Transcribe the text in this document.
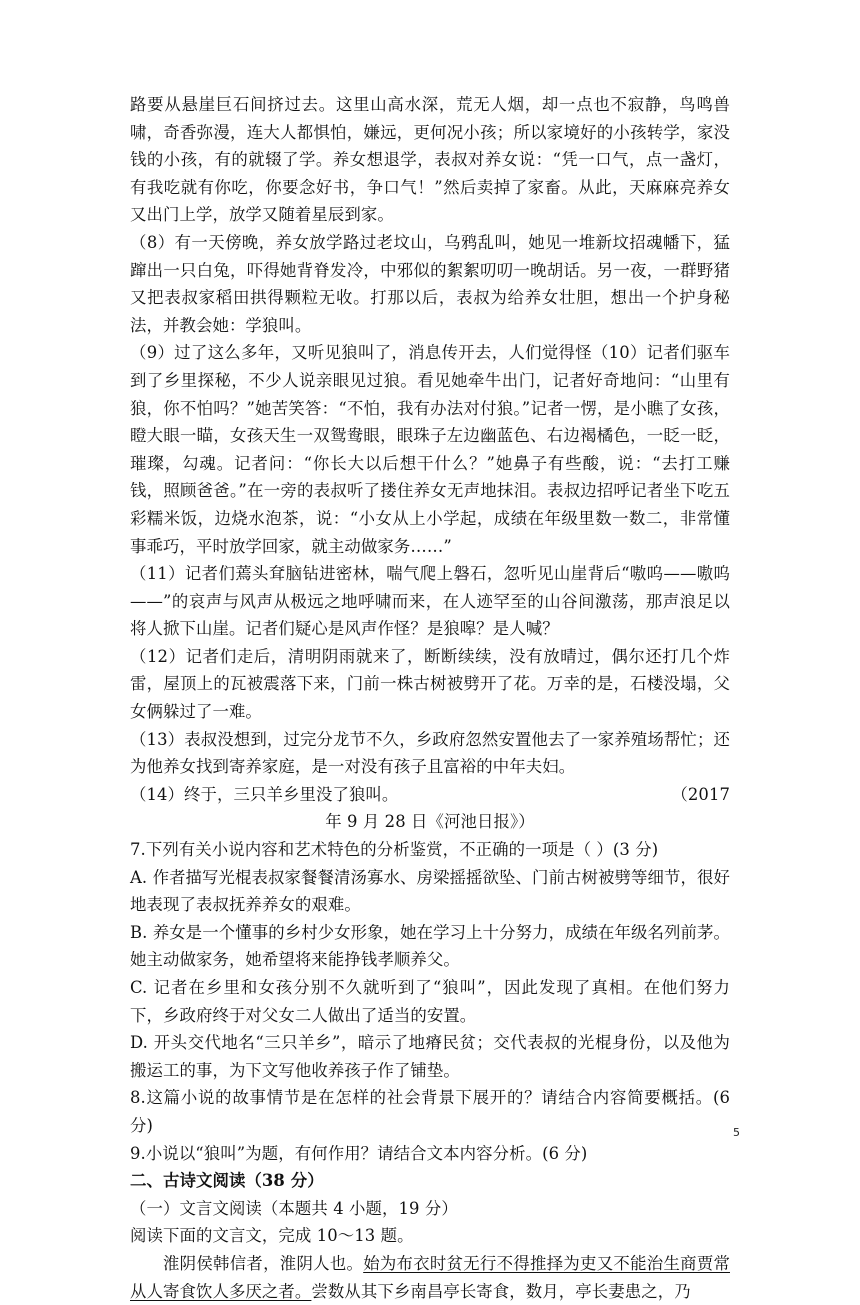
路要从悬崖巨石间挤过去。这里山高水深，荒无人烟，却一点也不寂静，鸟鸣兽啸，奇香弥漫，连大人都惧怕，嫌远，更何况小孩；所以家境好的小孩转学，家没钱的小孩，有的就辍了学。养女想退学，表叔对养女说：“凭一口气，点一盏灯，有我吃就有你吃，你要念好书，争口气！”然后卖掉了家畜。从此，天麻麻亮养女又出门上学，放学又随着星辰到家。

（8）有一天傍晚，养女放学路过老坟山，乌鸦乱叫，她见一堆新坟招魂幡下，猛蹿出一只白兔，吓得她背脊发冷，中邪似的絮絮叨叨一晚胡话。另一夜，一群野猪又把表叔家稻田拱得颗粒无收。打那以后，表叔为给养女壮胆，想出一个护身秘法，并教会她：学狼叫。

（9）过了这么多年，又听见狼叫了，消息传开去，人们觉得怪（10）记者们驱车到了乡里探秘，不少人说亲眼见过狼。看见她牵牛出门，记者好奇地问：“山里有狼，你不怕吗？”她苦笑答：“不怕，我有办法对付狼。”记者一愣，是小瞧了女孩，瞪大眼一瞄，女孩天生一双鸳鸯眼，眼珠子左边幽蓝色、右边褐橘色，一眨一眨，璀璨，勾魂。记者问：“你长大以后想干什么？”她鼻子有些酸，说：“去打工赚钱，照顾爸爸。”在一旁的表叔听了搂住养女无声地抹泪。表叔边招呼记者坐下吃五彩糯米饭，边烧水泡茶，说：“小女从上小学起，成绩在年级里数一数二，非常懂事乖巧，平时放学回家，就主动做家务……”

（11）记者们蔫头耷脑钻进密林，喘气爬上磐石，忽听见山崖背后“嗷呜——嗷呜——”的哀声与风声从极远之地呼啸而来，在人迹罕至的山谷间激荡，那声浪足以将人掀下山崖。记者们疑心是风声作怪？是狼嗥？是人喊？

（12）记者们走后，清明阴雨就来了，断断续续，没有放晴过，偶尔还打几个炸雷，屋顶上的瓦被震落下来，门前一株古树被劈开了花。万幸的是，石楼没塌，父女俩躲过了一难。

（13）表叔没想到，过完分龙节不久，乡政府忽然安置他去了一家养殖场帮忙；还为他养女找到寄养家庭，是一对没有孩子且富裕的中年夫妇。

（14）终于，三只羊乡里没了狼叫。	（2017

年 9 月 28 日《河池日报》）

7.下列有关小说内容和艺术特色的分析鉴赏，不正确的一项是（ ）(3 分)

A. 作者描写光棍表叔家餐餐清汤寡水、房梁摇摇欲坠、门前古树被劈等细节，很好地表现了表叔抚养养女的艰难。

B. 养女是一个懂事的乡村少女形象，她在学习上十分努力，成绩在年级名列前茅。她主动做家务，她希望将来能挣钱孝顺养父。

C. 记者在乡里和女孩分别不久就听到了“狼叫”，因此发现了真相。在他们努力下，乡政府终于对父女二人做出了适当的安置。

D. 开头交代地名“三只羊乡”，暗示了地瘠民贫；交代表叔的光棍身份，以及他为搬运工的事，为下文写他收养孩子作了铺垫。

8.这篇小说的故事情节是在怎样的社会背景下展开的？请结合内容简要概括。(6 分)

9.小说以“狼叫”为题，有何作用？请结合文本内容分析。(6 分)

二、古诗文阅读（38 分）

（一）文言文阅读（本题共 4 小题，19 分）

阅读下面的文言文，完成 10～13 题。

淮阴侯韩信者，淮阴人也。始为布衣时贫无行不得推择为吏又不能治生商贾常从人寄食饮人多厌之者。尝数从其下乡南昌亭长寄食，数月，亭长妻患之，乃

5
